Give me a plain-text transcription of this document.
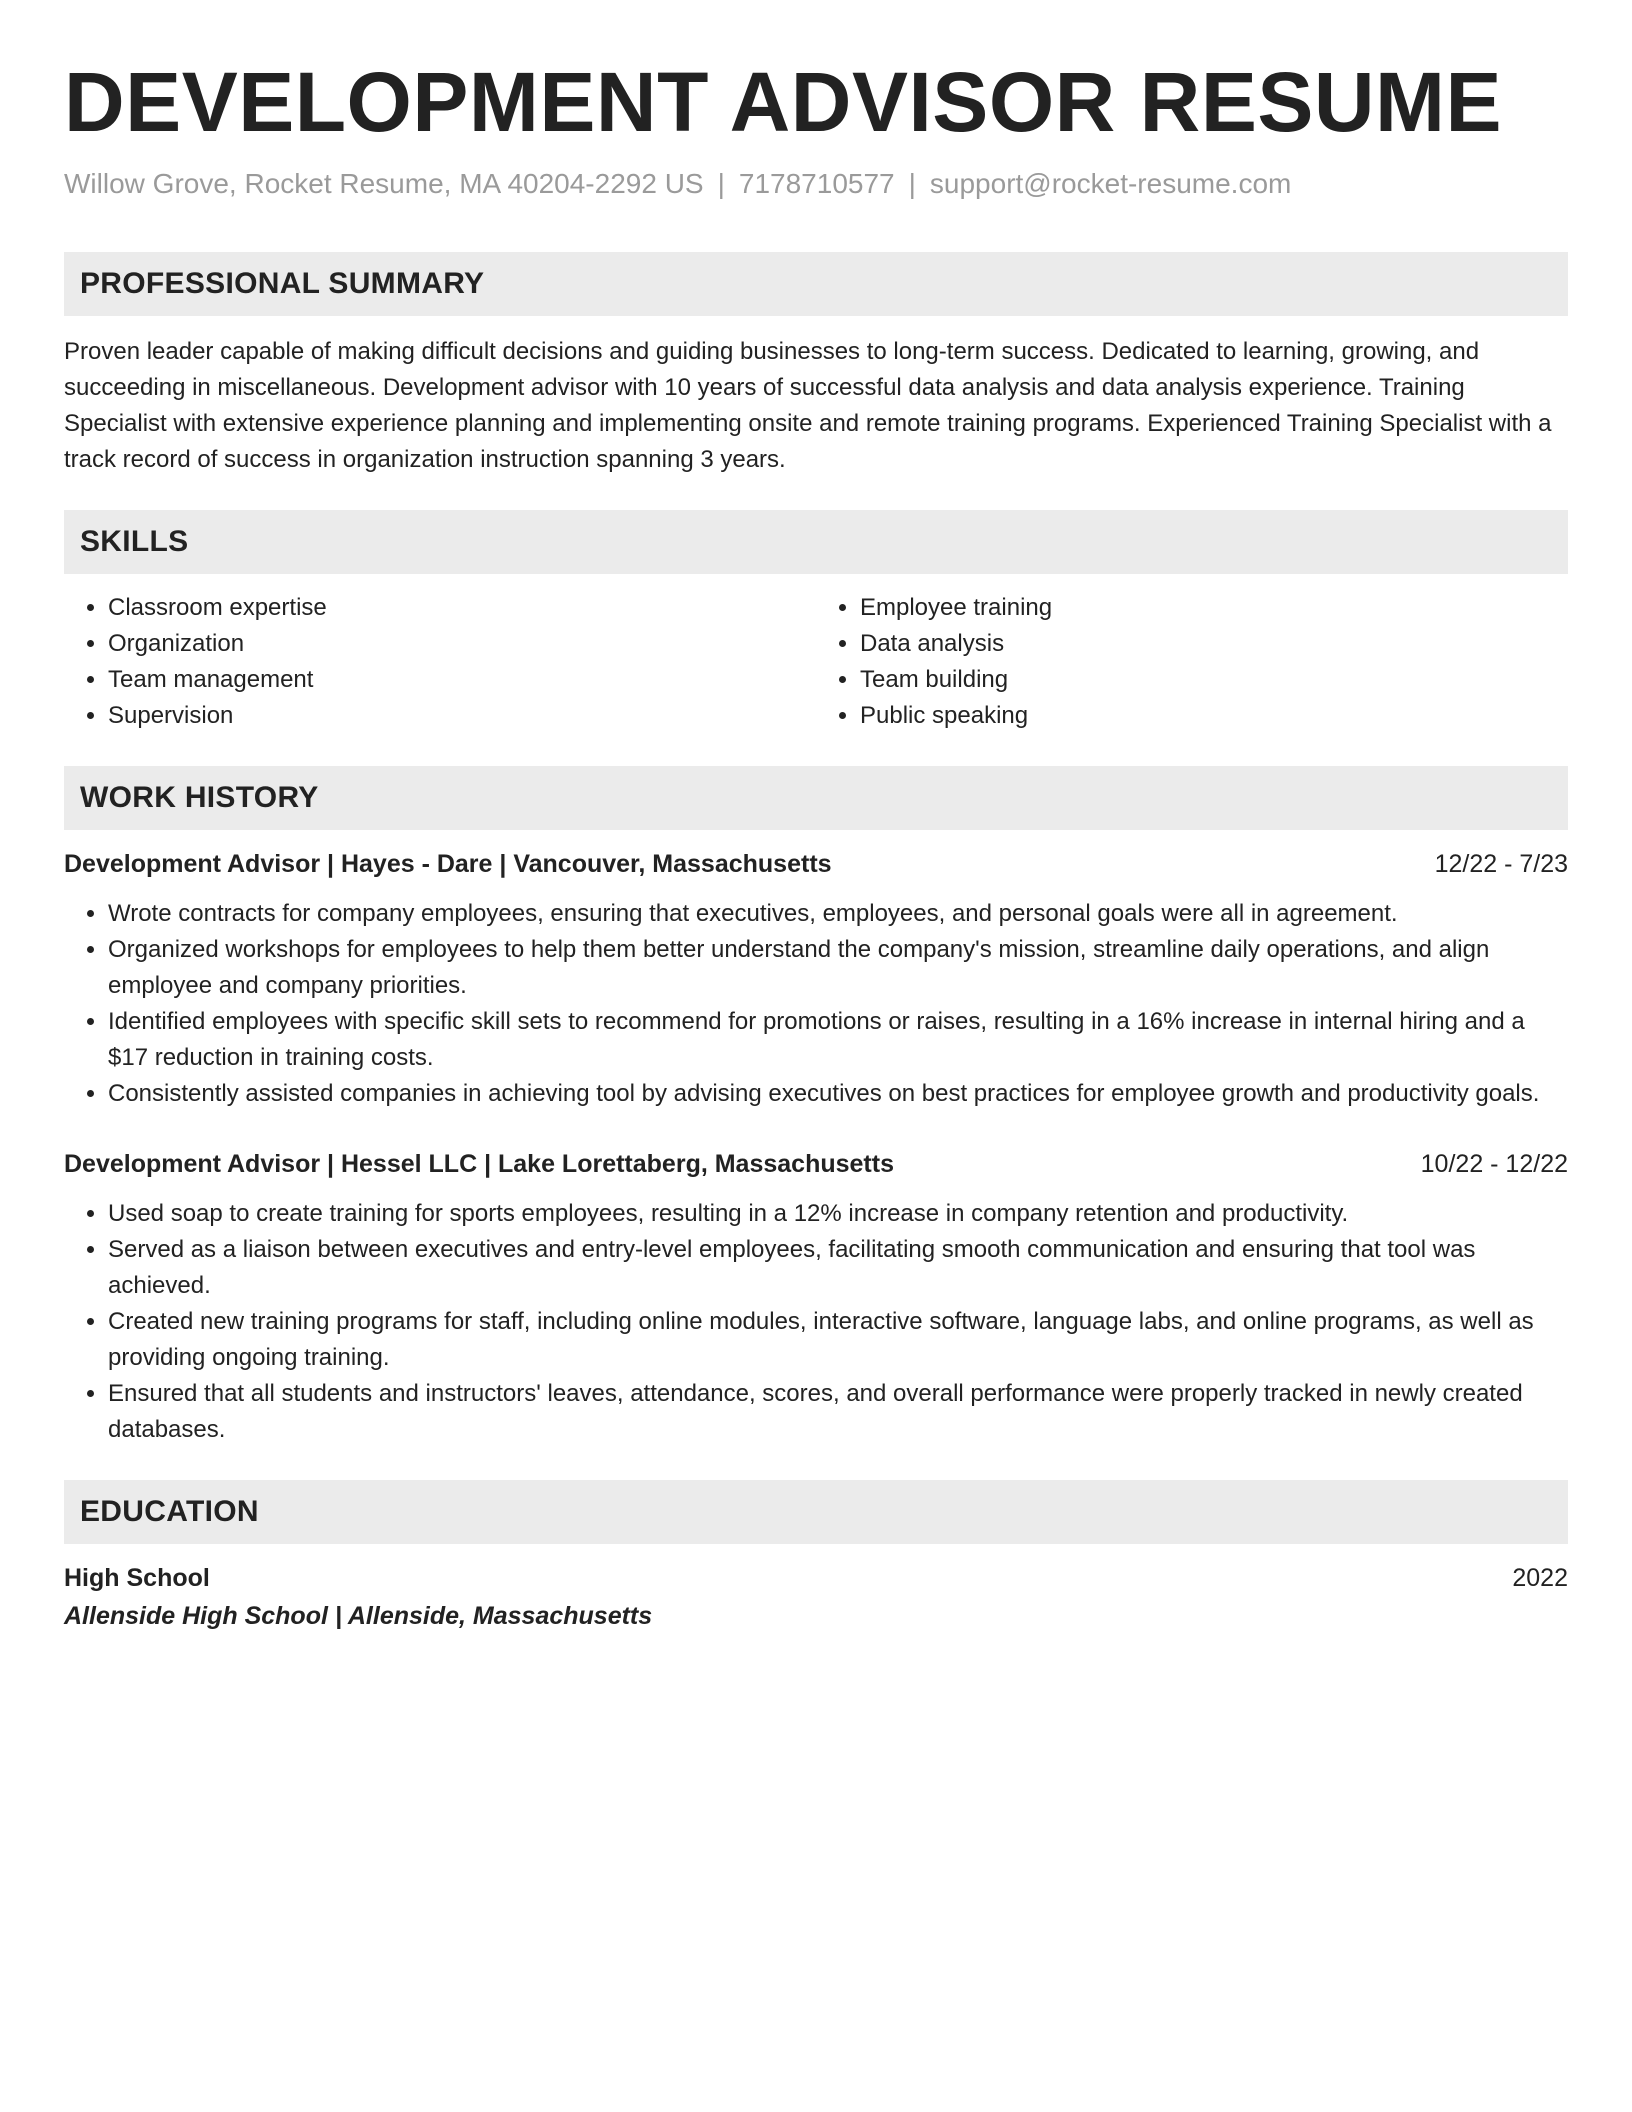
DEVELOPMENT ADVISOR RESUME
Willow Grove, Rocket Resume, MA 40204-2292 US | 7178710577 | support@rocket-resume.com
PROFESSIONAL SUMMARY

Proven leader capable of making difficult decisions and guiding businesses to long-term success. Dedicated to learning, growing, and succeeding in miscellaneous. Development advisor with 10 years of successful data analysis and data analysis experience. Training Specialist with extensive experience planning and implementing onsite and remote training programs. Experienced Training Specialist with a track record of success in organization instruction spanning 3 years.

SKILLS
• Classroom expertise
• Organization
• Team management
• Supervision
• Employee training
• Data analysis
• Team building
• Public speaking
WORK HISTORY
Development Advisor | Hayes - Dare | Vancouver, Massachusetts	12/22 - 7/23
• Wrote contracts for company employees, ensuring that executives, employees, and personal goals were all in agreement.
• Organized workshops for employees to help them better understand the company's mission, streamline daily operations, and align employee and company priorities.
• Identified employees with specific skill sets to recommend for promotions or raises, resulting in a 16% increase in internal hiring and a $17 reduction in training costs.
• Consistently assisted companies in achieving tool by advising executives on best practices for employee growth and productivity goals.
Development Advisor | Hessel LLC | Lake Lorettaberg, Massachusetts	10/22 - 12/22
• Used soap to create training for sports employees, resulting in a 12% increase in company retention and productivity.
• Served as a liaison between executives and entry-level employees, facilitating smooth communication and ensuring that tool was achieved.
• Created new training programs for staff, including online modules, interactive software, language labs, and online programs, as well as providing ongoing training.
• Ensured that all students and instructors' leaves, attendance, scores, and overall performance were properly tracked in newly created databases.
EDUCATION
High School	2022
Allenside High School | Allenside, Massachusetts
